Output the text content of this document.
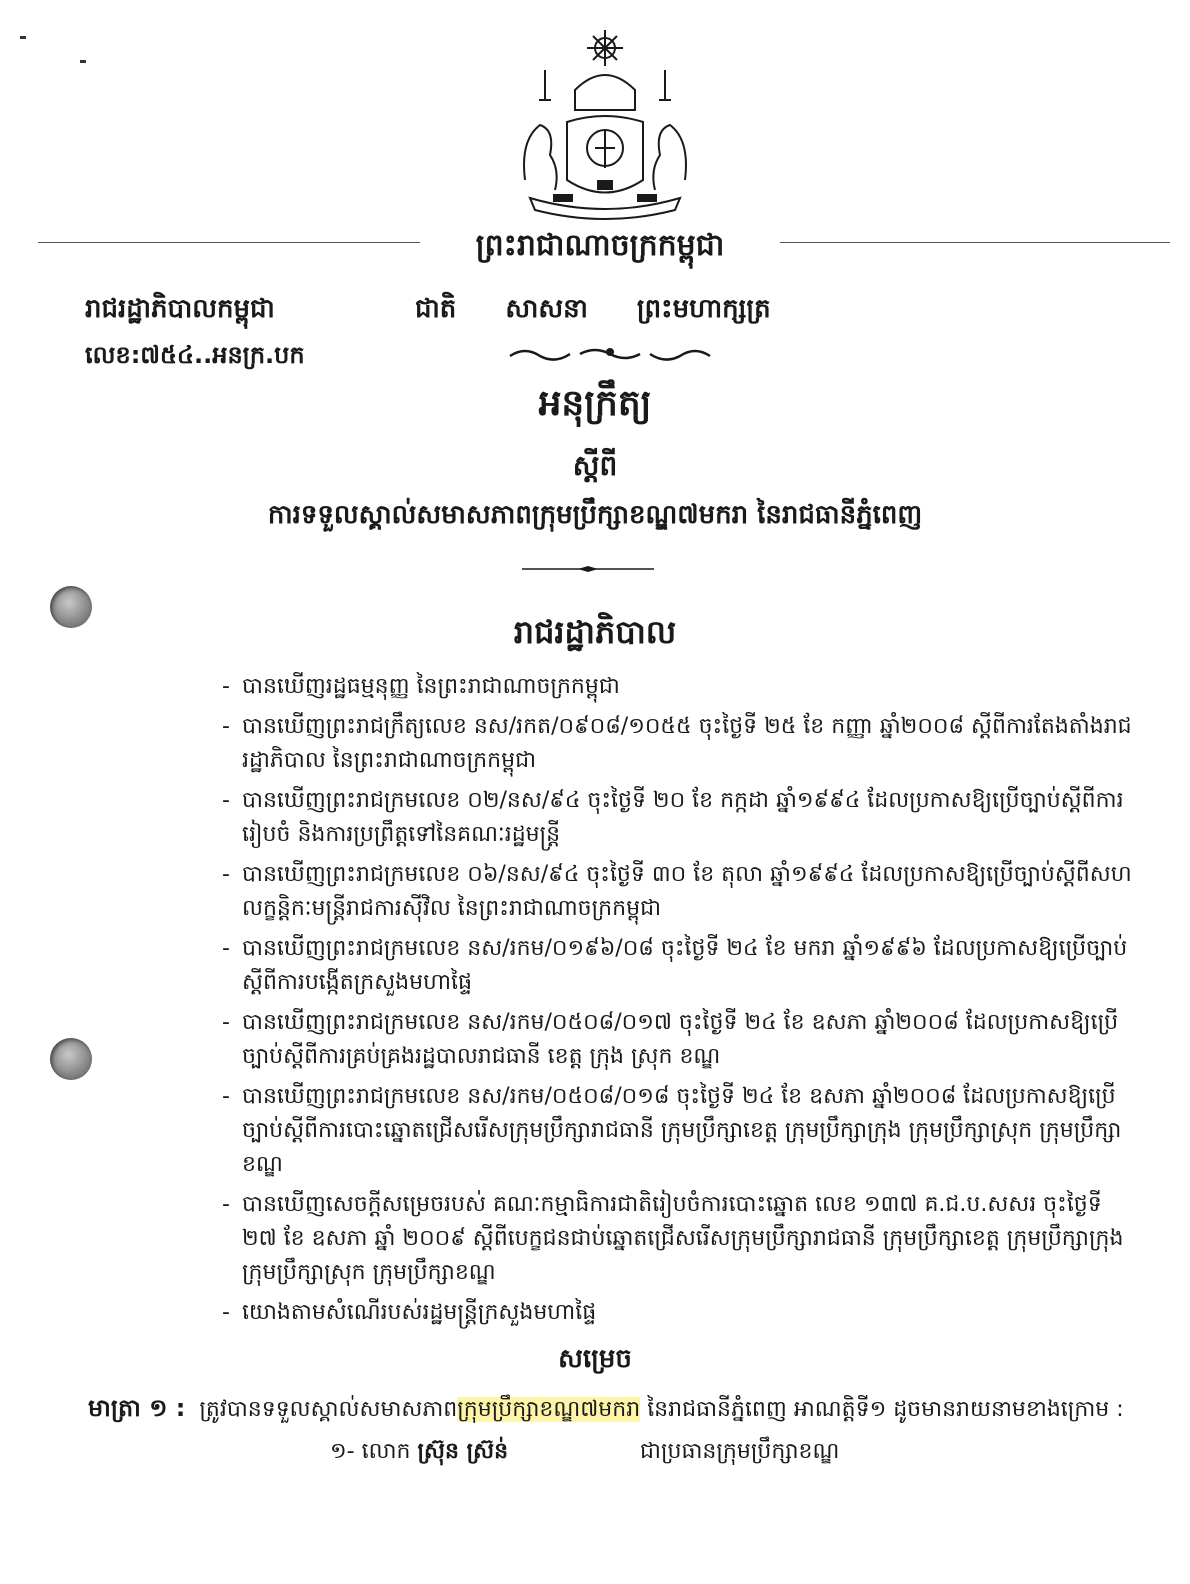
ព្រះរាជាណាចក្រកម្ពុជា
រាជរដ្ឋាភិបាលកម្ពុជា	ជាតិ សាសនា ព្រះមហាក្សត្រ
លេខ:៧៥៤..អនក្រ.បក
អនុក្រឹត្យ
ស្តីពី
ការទទួលស្គាល់សមាសភាពក្រុមប្រឹក្សាខណ្ឌ៧មករា នៃរាជធានីភ្នំពេញ
រាជរដ្ឋាភិបាល
- បានឃើញរដ្ឋធម្មនុញ្ញ នៃព្រះរាជាណាចក្រកម្ពុជា
- បានឃើញព្រះរាជក្រឹត្យលេខ នស/រកត/០៩០៨/១០៥៥ ចុះថ្ងៃទី ២៥ ខែ កញ្ញា ឆ្នាំ២០០៨ ស្តីពីការតែងតាំងរាជរដ្ឋាភិបាល នៃព្រះរាជាណាចក្រកម្ពុជា
- បានឃើញព្រះរាជក្រមលេខ ០២/នស/៩៤ ចុះថ្ងៃទី ២០ ខែ កក្កដា ឆ្នាំ១៩៩៤ ដែលប្រកាសឱ្យប្រើច្បាប់ស្តីពីការរៀបចំ និងការប្រព្រឹត្តទៅនៃគណៈរដ្ឋមន្ត្រី
- បានឃើញព្រះរាជក្រមលេខ ០៦/នស/៩៤ ចុះថ្ងៃទី ៣០ ខែ តុលា ឆ្នាំ១៩៩៤ ដែលប្រកាសឱ្យប្រើច្បាប់ស្តីពីសហលក្ខន្តិកៈមន្ត្រីរាជការស៊ីវិល នៃព្រះរាជាណាចក្រកម្ពុជា
- បានឃើញព្រះរាជក្រមលេខ នស/រកម/០១៩៦/០៨ ចុះថ្ងៃទី ២៤ ខែ មករា ឆ្នាំ១៩៩៦ ដែលប្រកាសឱ្យប្រើច្បាប់ស្តីពីការបង្កើតក្រសួងមហាផ្ទៃ
- បានឃើញព្រះរាជក្រមលេខ នស/រកម/០៥០៨/០១៧ ចុះថ្ងៃទី ២៤ ខែ ឧសភា ឆ្នាំ២០០៨ ដែលប្រកាសឱ្យប្រើច្បាប់ស្តីពីការគ្រប់គ្រងរដ្ឋបាលរាជធានី ខេត្ត ក្រុង ស្រុក ខណ្ឌ
- បានឃើញព្រះរាជក្រមលេខ នស/រកម/០៥០៨/០១៨ ចុះថ្ងៃទី ២៤ ខែ ឧសភា ឆ្នាំ២០០៨ ដែលប្រកាសឱ្យប្រើច្បាប់ស្តីពីការបោះឆ្នោតជ្រើសរើសក្រុមប្រឹក្សារាជធានី ក្រុមប្រឹក្សាខេត្ត ក្រុមប្រឹក្សាក្រុង ក្រុមប្រឹក្សាស្រុក ក្រុមប្រឹក្សាខណ្ឌ
- បានឃើញសេចក្តីសម្រេចរបស់ គណៈកម្មាធិការជាតិរៀបចំការបោះឆ្នោត លេខ ១៣៧ គ.ជ.ប.សសរ ចុះថ្ងៃទី ២៧ ខែ ឧសភា ឆ្នាំ ២០០៩ ស្តីពីបេក្ខជនជាប់ឆ្នោតជ្រើសរើសក្រុមប្រឹក្សារាជធានី ក្រុមប្រឹក្សាខេត្ត ក្រុមប្រឹក្សាក្រុង ក្រុមប្រឹក្សាស្រុក ក្រុមប្រឹក្សាខណ្ឌ
- យោងតាមសំណើរបស់រដ្ឋមន្ត្រីក្រសួងមហាផ្ទៃ
សម្រេច
មាត្រា ១ : ត្រូវបានទទួលស្គាល់សមាសភាពក្រុមប្រឹក្សាខណ្ឌ៧មករា នៃរាជធានីភ្នំពេញ អាណត្តិទី១ ដូចមានរាយនាមខាងក្រោម :
១- លោក ស្រ៊ុន ស្រ៊ន់	ជាប្រធានក្រុមប្រឹក្សាខណ្ឌ
